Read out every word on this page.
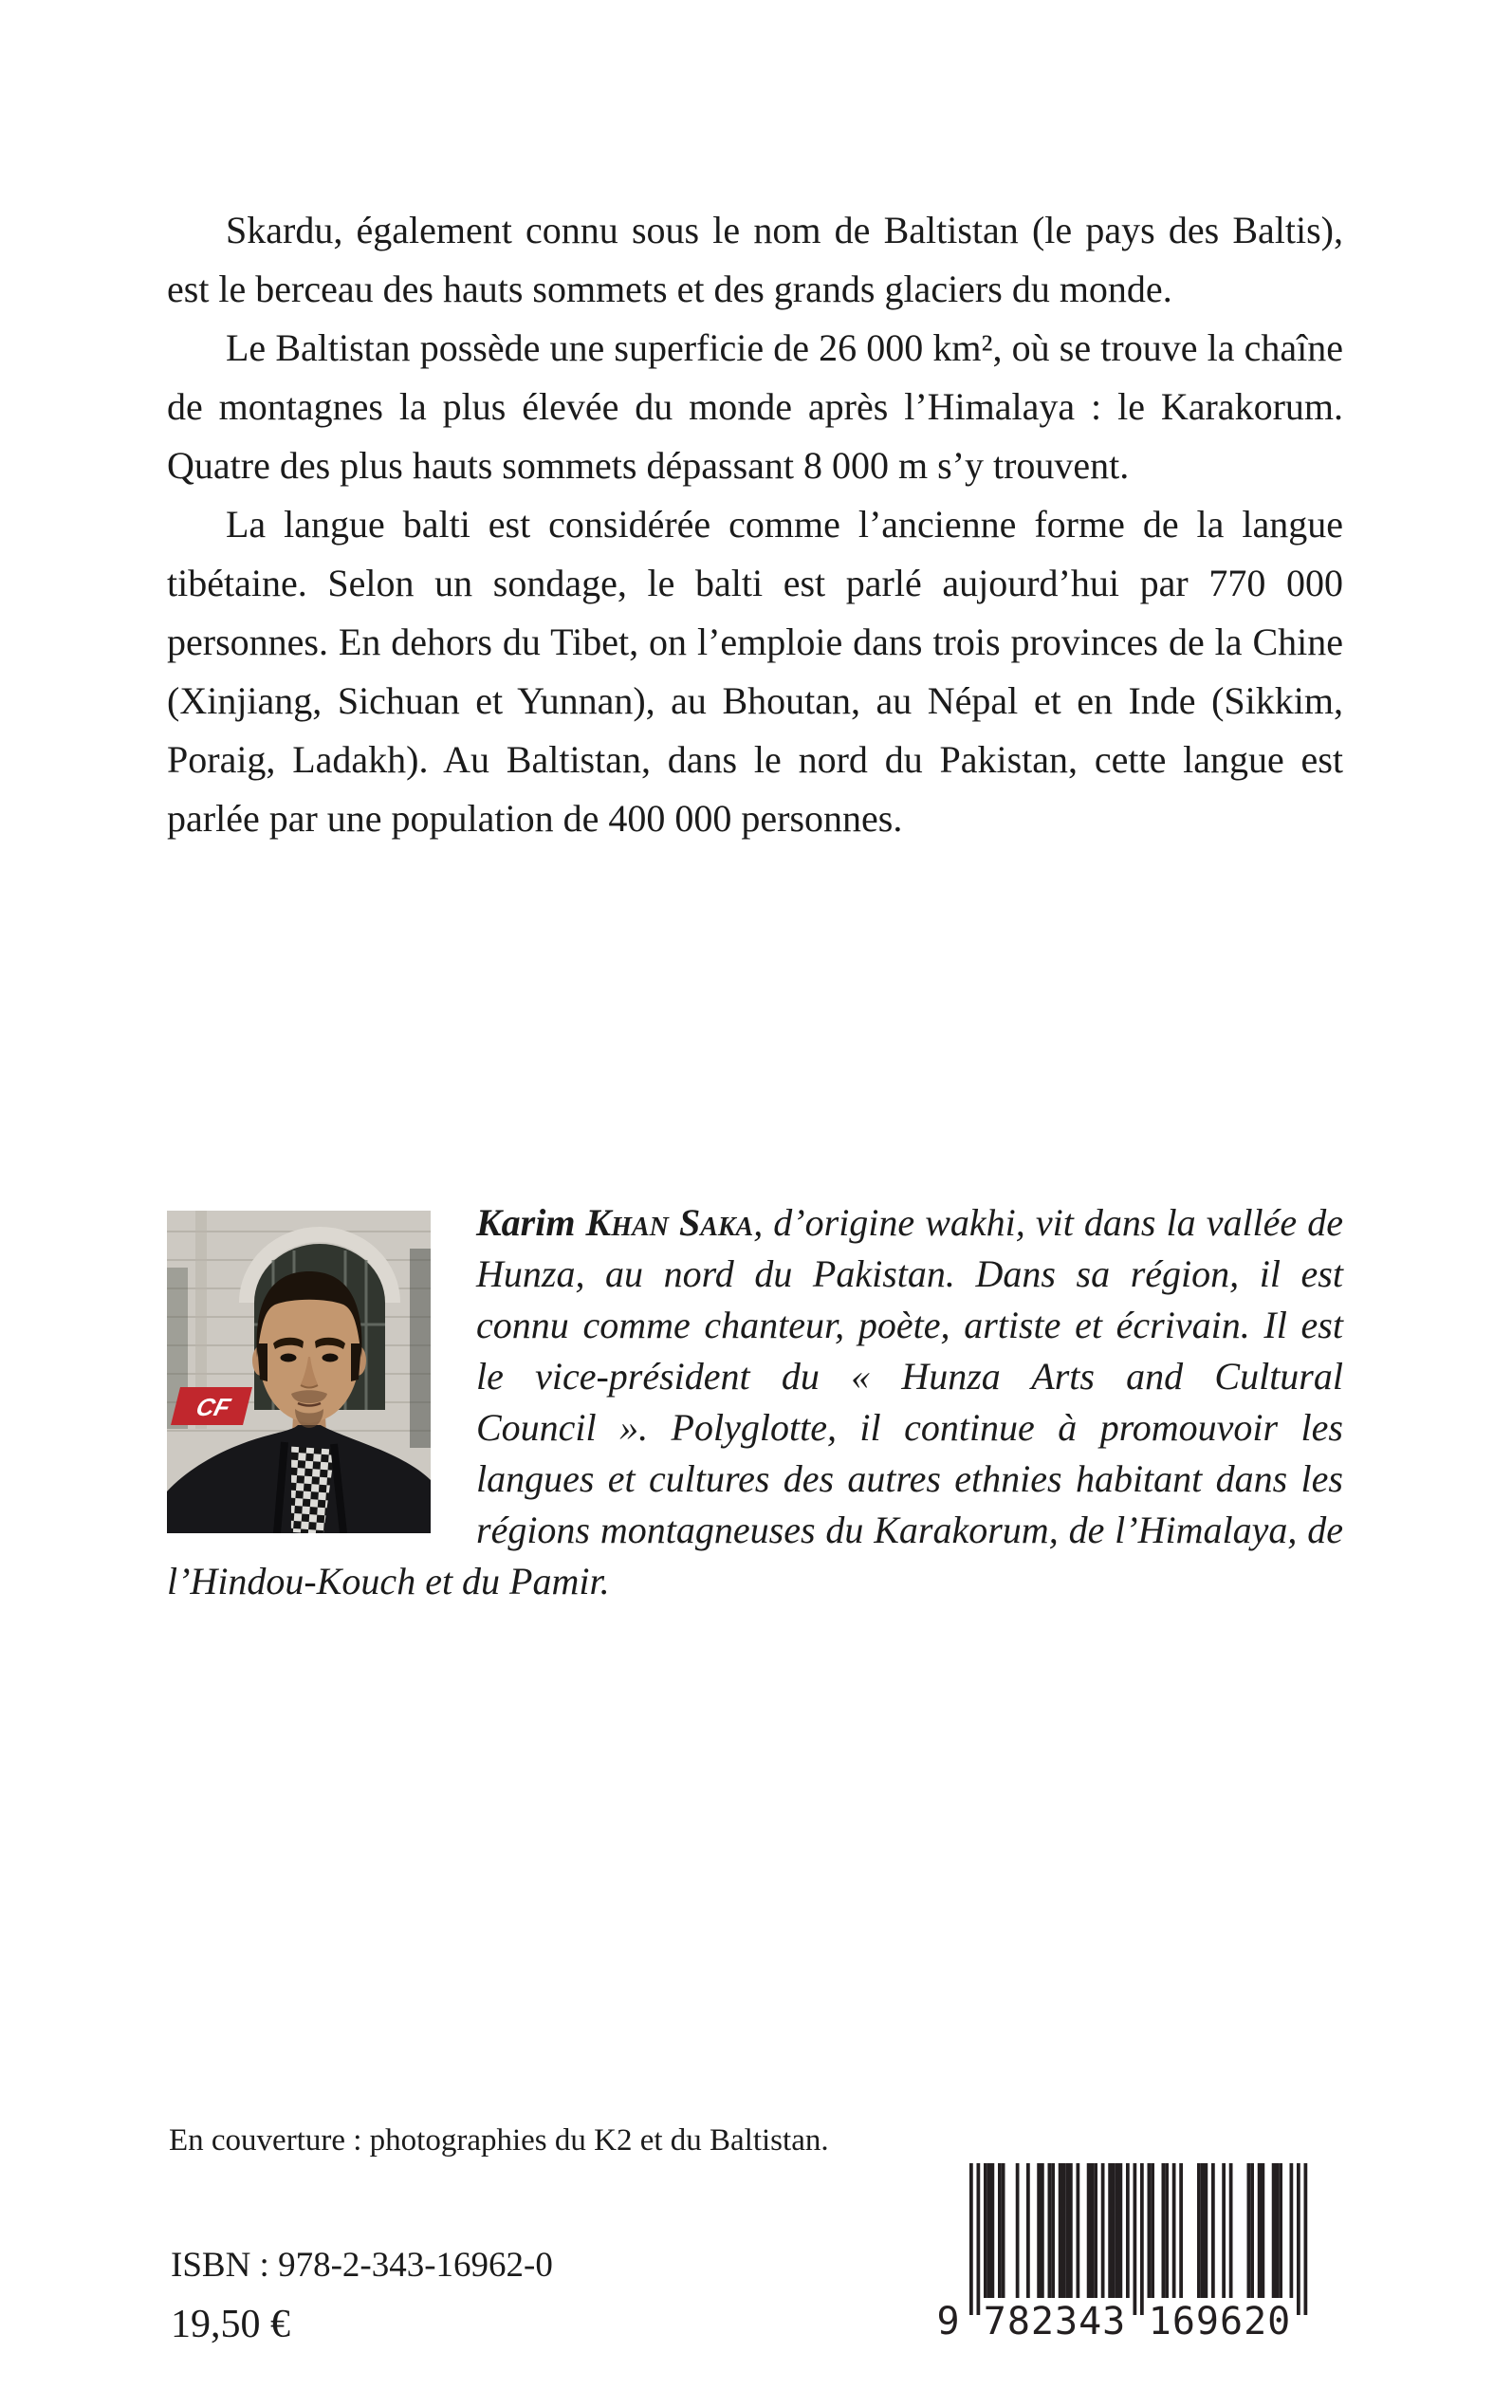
Skardu, également connu sous le nom de Baltistan (le pays des Baltis), est le berceau des hauts sommets et des grands glaciers du monde.

Le Baltistan possède une superficie de 26 000 km², où se trouve la chaîne de montagnes la plus élevée du monde après l’Himalaya : le Karakorum. Quatre des plus hauts sommets dépassant 8 000 m s’y trouvent.

La langue balti est considérée comme l’ancienne forme de la langue tibétaine. Selon un sondage, le balti est parlé aujourd’hui par 770 000 personnes. En dehors du Tibet, on l’emploie dans trois provinces de la Chine (Xinjiang, Sichuan et Yunnan), au Bhoutan, au Népal et en Inde (Sikkim, Poraig, Ladakh). Au Baltistan, dans le nord du Pakistan, cette langue est parlée par une population de 400 000 personnes.

CF

Karim Khan Saka, d’origine wakhi, vit dans la vallée de Hunza, au nord du Pakistan. Dans sa région, il est connu comme chanteur, poète, artiste et écrivain. Il est le vice-président du « Hunza Arts and Cultural Council ». Polyglotte, il continue à promouvoir les langues et cultures des autres ethnies habitant dans les régions montagneuses du Karakorum, de l’Himalaya, de l’Hindou-Kouch et du Pamir.

En couverture : photographies du K2 et du Baltistan.

ISBN : 978-2-343-16962-0

19,50 €	9 782343 169620
